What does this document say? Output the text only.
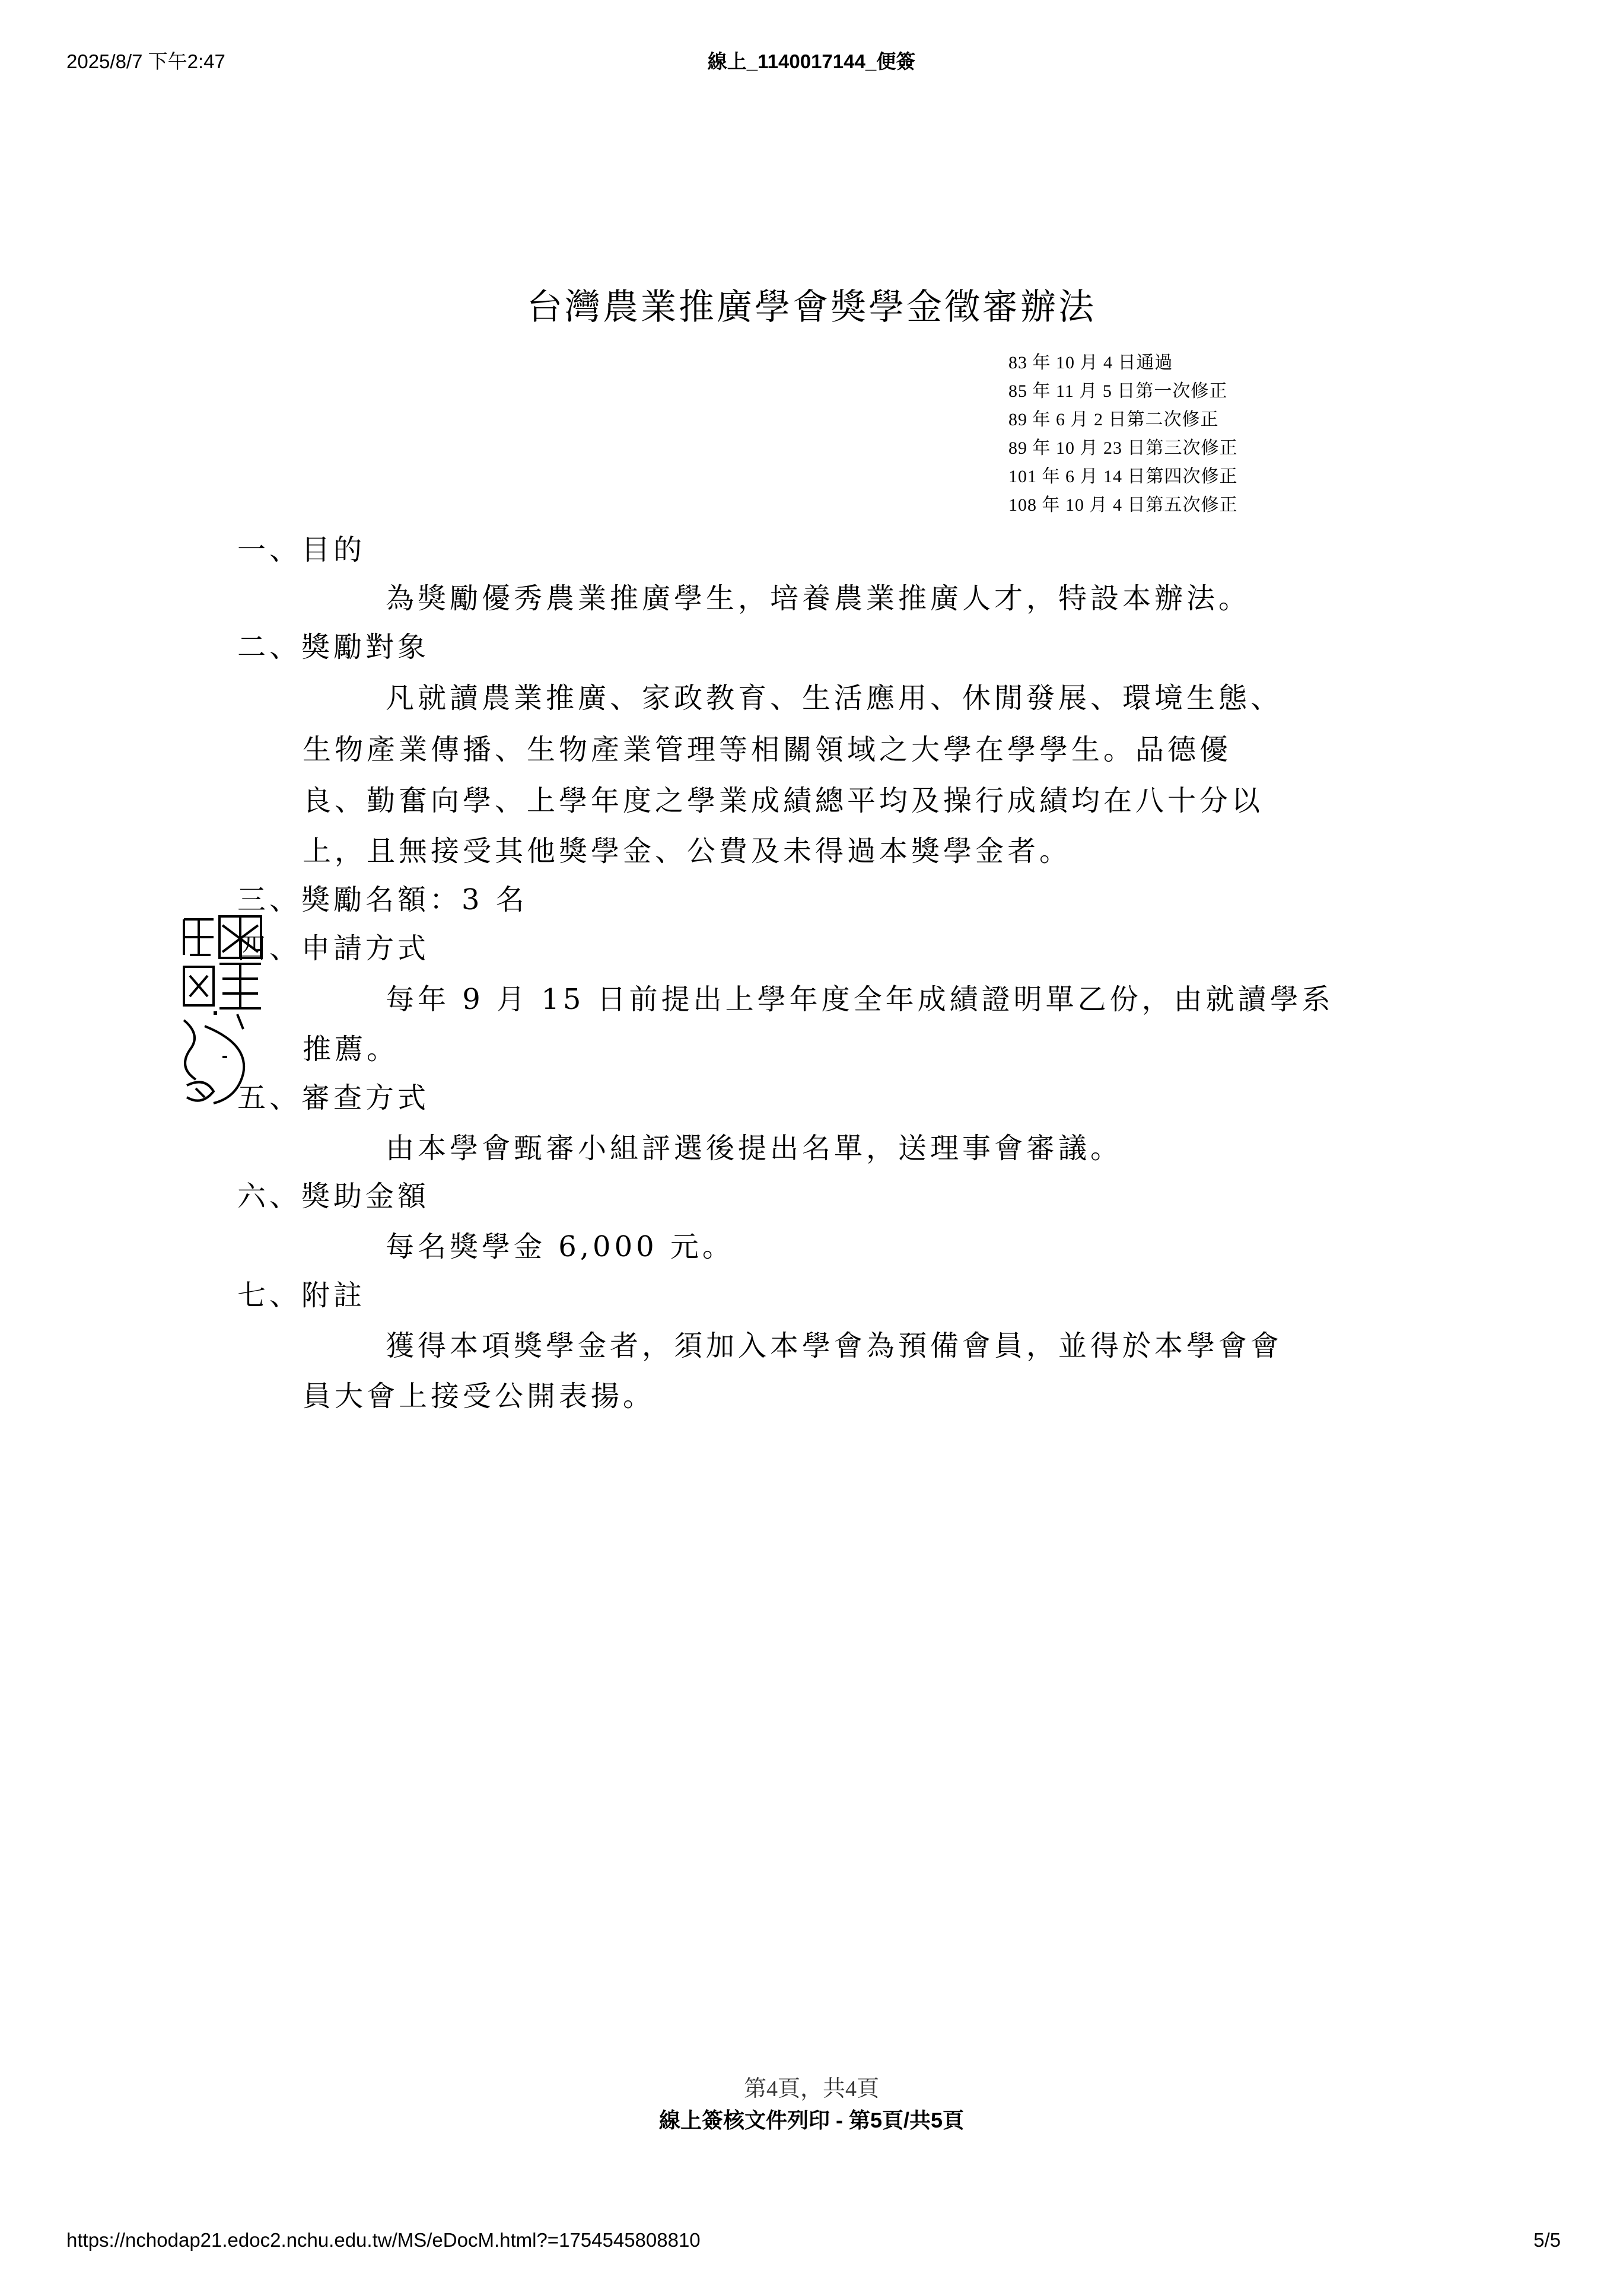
2025/8/7 下午2:47	線上_1140017144_便簽
台灣農業推廣學會獎學金徵審辦法
83 年 10 月 4 日通過
85 年 11 月 5 日第一次修正
89 年 6 月 2 日第二次修正
89 年 10 月 23 日第三次修正
101 年 6 月 14 日第四次修正
108 年 10 月 4 日第五次修正
一、目的
為獎勵優秀農業推廣學生，培養農業推廣人才，特設本辦法。
二、獎勵對象
凡就讀農業推廣、家政教育、生活應用、休閒發展、環境生態、
生物產業傳播、生物產業管理等相關領域之大學在學學生。品德優
良、勤奮向學、上學年度之學業成績總平均及操行成績均在八十分以
上，且無接受其他獎學金、公費及未得過本獎學金者。
三、獎勵名額：3 名
四、申請方式
每年 9 月 15 日前提出上學年度全年成績證明單乙份，由就讀學系
推薦。
五、審查方式
由本學會甄審小組評選後提出名單，送理事會審議。
六、獎助金額
每名獎學金 6,000 元。
七、附註
獲得本項獎學金者，須加入本學會為預備會員，並得於本學會會
員大會上接受公開表揚。
第4頁，共4頁
線上簽核文件列印 - 第5頁/共5頁
https://nchodap21.edoc2.nchu.edu.tw/MS/eDocM.html?=1754545808810	5/5
